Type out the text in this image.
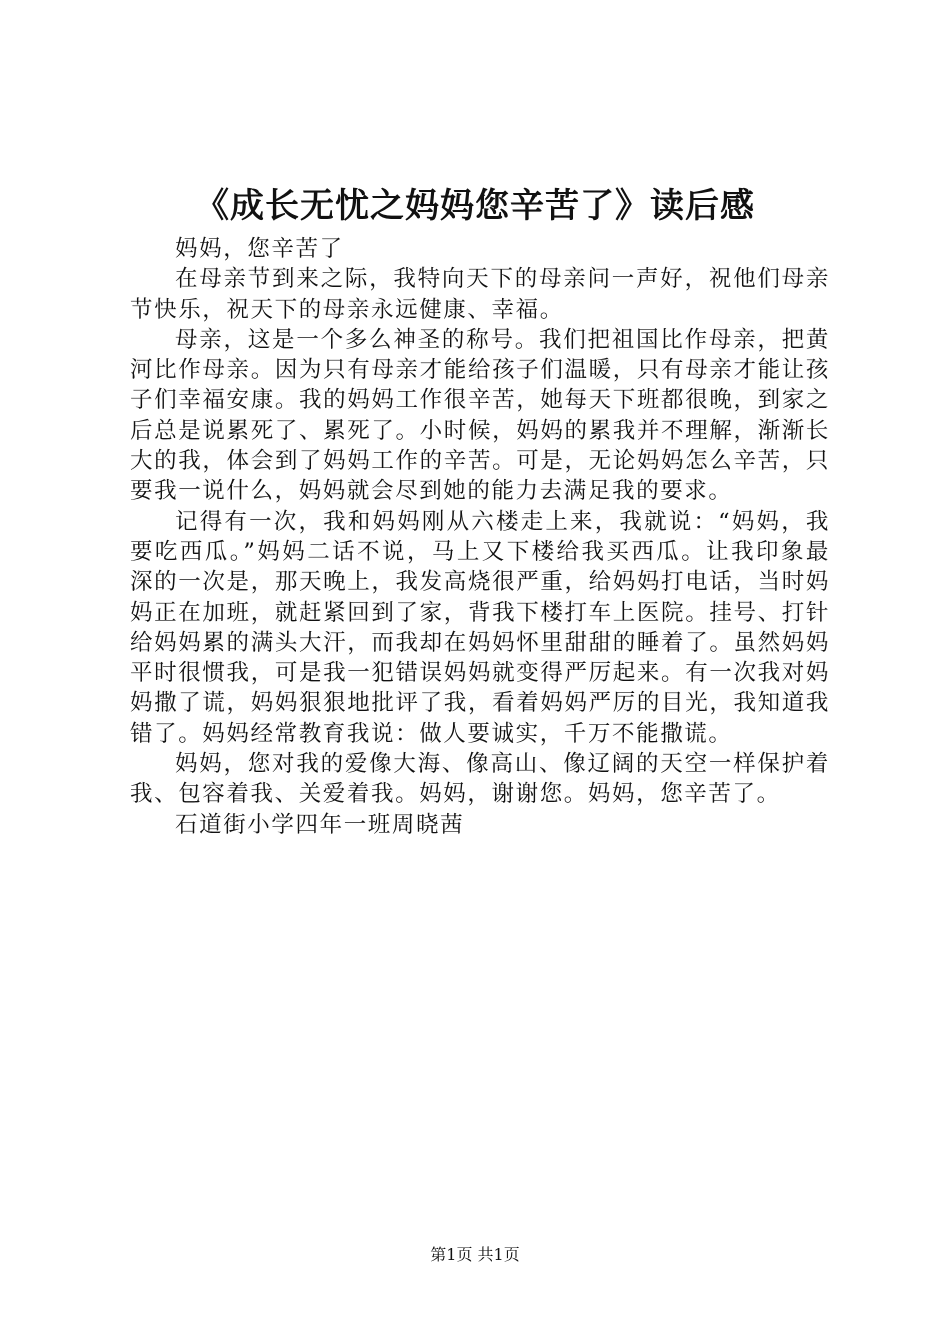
《成长无忧之妈妈您辛苦了》读后感

妈妈，您辛苦了

在母亲节到来之际，我特向天下的母亲问一声好，祝他们母亲节快乐，祝天下的母亲永远健康、幸福。

母亲，这是一个多么神圣的称号。我们把祖国比作母亲，把黄河比作母亲。因为只有母亲才能给孩子们温暖，只有母亲才能让孩子们幸福安康。我的妈妈工作很辛苦，她每天下班都很晚，到家之后总是说累死了、累死了。小时候，妈妈的累我并不理解，渐渐长大的我，体会到了妈妈工作的辛苦。可是，无论妈妈怎么辛苦，只要我一说什么，妈妈就会尽到她的能力去满足我的要求。

记得有一次，我和妈妈刚从六楼走上来，我就说：“妈妈，我要吃西瓜。”妈妈二话不说，马上又下楼给我买西瓜。让我印象最深的一次是，那天晚上，我发高烧很严重，给妈妈打电话，当时妈妈正在加班，就赶紧回到了家，背我下楼打车上医院。挂号、打针给妈妈累的满头大汗，而我却在妈妈怀里甜甜的睡着了。虽然妈妈平时很惯我，可是我一犯错误妈妈就变得严厉起来。有一次我对妈妈撒了谎，妈妈狠狠地批评了我，看着妈妈严厉的目光，我知道我错了。妈妈经常教育我说：做人要诚实，千万不能撒谎。

妈妈，您对我的爱像大海、像高山、像辽阔的天空一样保护着我、包容着我、关爱着我。妈妈，谢谢您。妈妈，您辛苦了。

石道街小学四年一班周晓茜

第1页 共1页
